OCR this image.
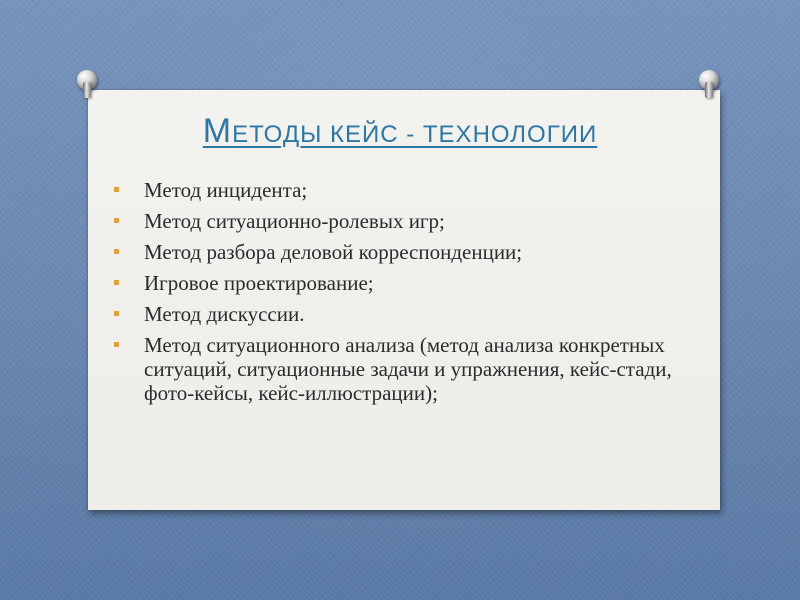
МЕТОДЫ КЕЙС - ТЕХНОЛОГИИ
Метод инцидента;
Метод ситуационно-ролевых игр;
Метод разбора деловой корреспонденции;
Игровое проектирование;
Метод дискуссии.
Метод ситуационного анализа (метод анализа конкретных ситуаций, ситуационные задачи и упражнения, кейс-стади, фото-кейсы, кейс-иллюстрации);
